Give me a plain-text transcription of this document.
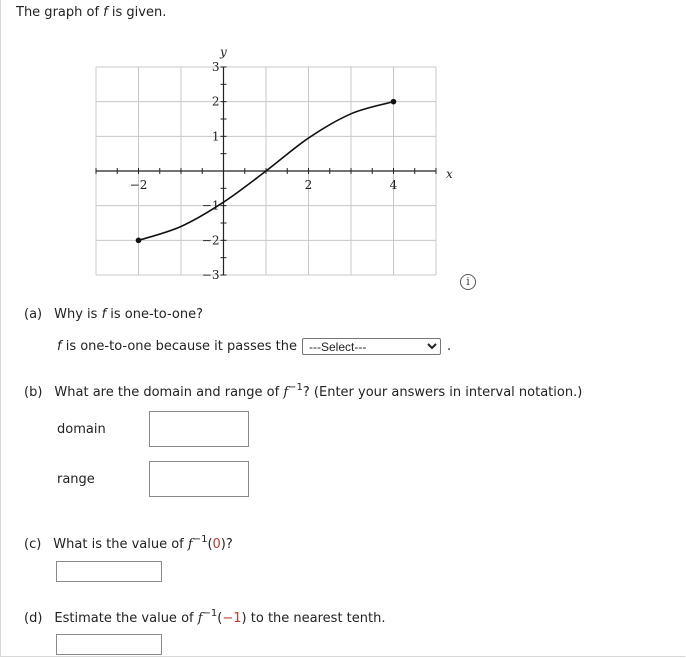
The graph of f is given.
−2	2	4
3
2
1
−1
−2
−3
x
y
i
(a) Why is f is one-to-one?
f is one-to-one because it passes the
---Select---	.
(b) What are the domain and range of $f^{-1}$? (Enter your answers in interval notation.)
domain
range
(c) What is the value of $f^{-1}(0)$?
(d) Estimate the value of $f^{-1}(-1)$ to the nearest tenth.
